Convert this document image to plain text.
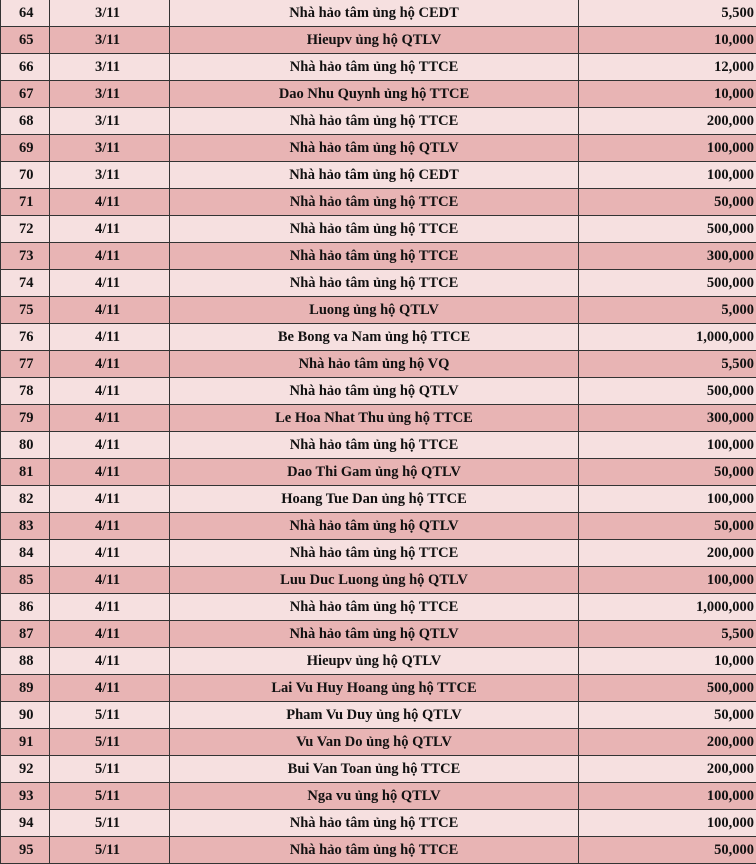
64	3/11	Nhà hảo tâm ủng hộ CEDT	5,500
65	3/11	Hieupv ủng hộ QTLV	10,000
66	3/11	Nhà hảo tâm ủng hộ TTCE	12,000
67	3/11	Dao Nhu Quynh ủng hộ TTCE	10,000
68	3/11	Nhà hảo tâm ủng hộ TTCE	200,000
69	3/11	Nhà hảo tâm ủng hộ QTLV	100,000
70	3/11	Nhà hảo tâm ủng hộ CEDT	100,000
71	4/11	Nhà hảo tâm ủng hộ TTCE	50,000
72	4/11	Nhà hảo tâm ủng hộ TTCE	500,000
73	4/11	Nhà hảo tâm ủng hộ TTCE	300,000
74	4/11	Nhà hảo tâm ủng hộ TTCE	500,000
75	4/11	Luong ủng hộ QTLV	5,000
76	4/11	Be Bong va Nam ủng hộ TTCE	1,000,000
77	4/11	Nhà hảo tâm ủng hộ VQ	5,500
78	4/11	Nhà hảo tâm ủng hộ QTLV	500,000
79	4/11	Le Hoa Nhat Thu ủng hộ TTCE	300,000
80	4/11	Nhà hảo tâm ủng hộ TTCE	100,000
81	4/11	Dao Thi Gam ủng hộ QTLV	50,000
82	4/11	Hoang Tue Dan ủng hộ TTCE	100,000
83	4/11	Nhà hảo tâm ủng hộ QTLV	50,000
84	4/11	Nhà hảo tâm ủng hộ TTCE	200,000
85	4/11	Luu Duc Luong ủng hộ QTLV	100,000
86	4/11	Nhà hảo tâm ủng hộ TTCE	1,000,000
87	4/11	Nhà hảo tâm ủng hộ QTLV	5,500
88	4/11	Hieupv ủng hộ QTLV	10,000
89	4/11	Lai Vu Huy Hoang ủng hộ TTCE	500,000
90	5/11	Pham Vu Duy ủng hộ QTLV	50,000
91	5/11	Vu Van Do ủng hộ QTLV	200,000
92	5/11	Bui Van Toan ủng hộ TTCE	200,000
93	5/11	Nga vu ủng hộ QTLV	100,000
94	5/11	Nhà hảo tâm ủng hộ TTCE	100,000
95	5/11	Nhà hảo tâm ủng hộ TTCE	50,000
